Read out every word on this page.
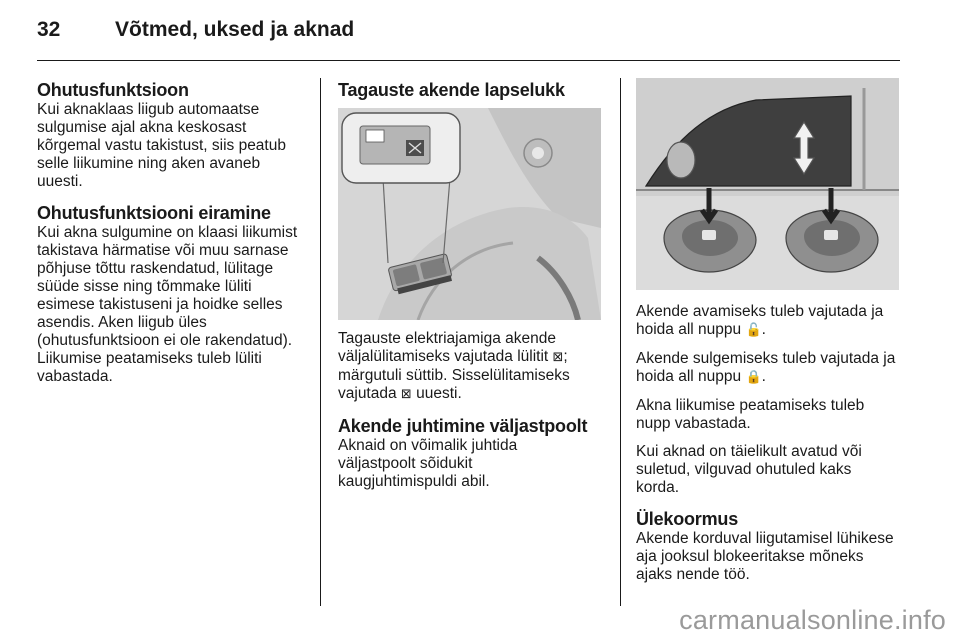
32	Võtmed, uksed ja aknad
Ohutusfunktsioon

Kui aknaklaas liigub automaatse
sulgumise ajal akna keskosast
kõrgemal vastu takistust, siis peatub
selle liikumine ning aken avaneb
uuesti.

Ohutusfunktsiooni eiramine

Kui akna sulgumine on klaasi liikumist
takistava härmatise või muu sarnase
põhjuse tõttu raskendatud, lülitage
süüde sisse ning tõmmake lüliti
esimese takistuseni ja hoidke selles
asendis. Aken liigub üles
(ohutusfunktsioon ei ole rakendatud).
Liikumise peatamiseks tuleb lüliti
vabastada.

Tagauste akende lapselukk

Tagauste elektriajamiga akende
väljalülitamiseks vajutada lülitit ⊠;
märgutuli süttib. Sisselülitamiseks
vajutada ⊠ uuesti.

Akende juhtimine väljastpoolt

Aknaid on võimalik juhtida
väljastpoolt sõidukit
kaugjuhtimispuldi abil.

Akende avamiseks tuleb vajutada ja
hoida all nuppu 🔓.

Akende sulgemiseks tuleb vajutada ja
hoida all nuppu 🔒.

Akna liikumise peatamiseks tuleb
nupp vabastada.

Kui aknad on täielikult avatud või
suletud, vilguvad ohutuled kaks
korda.

Ülekoormus

Akende korduval liigutamisel lühikese
aja jooksul blokeeritakse mõneks
ajaks nende töö.

carmanualsonline.info
